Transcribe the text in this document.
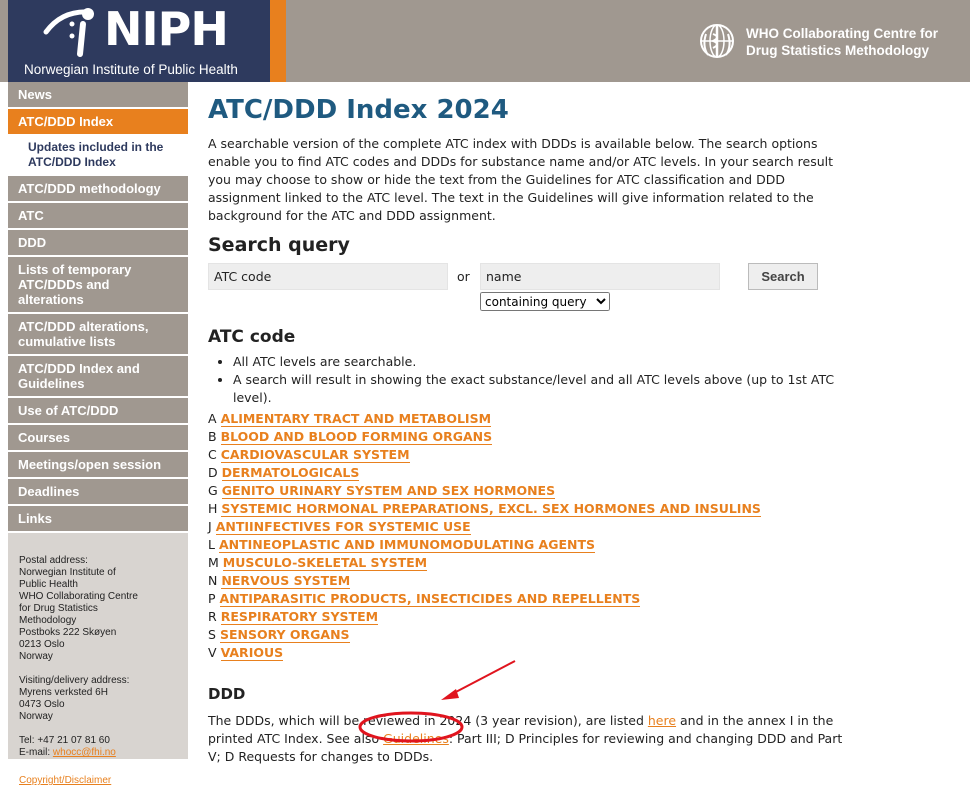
NIPH
Norwegian Institute of Public Health
WHO Collaborating Centre for
Drug Statistics Methodology
News
ATC/DDD Index
Updates included in the ATC/DDD Index
ATC/DDD methodology
ATC
DDD
Lists of temporary ATC/DDDs and alterations
ATC/DDD alterations, cumulative lists
ATC/DDD Index and Guidelines
Use of ATC/DDD
Courses
Meetings/open session
Deadlines
Links

Postal address:
Norwegian Institute of
Public Health
WHO Collaborating Centre
for Drug Statistics
Methodology
Postboks 222 Skøyen
0213 Oslo
Norway

Visiting/delivery address:
Myrens verksted 6H
0473 Oslo
Norway

Tel: +47 21 07 81 60
E-mail: whocc@fhi.no
Copyright/Disclaimer
ATC/DDD Index 2024

A searchable version of the complete ATC index with DDDs is available below. The search options enable you to find ATC codes and DDDs for substance name and/or ATC levels. In your search result you may choose to show or hide the text from the Guidelines for ATC classification and DDD assignment linked to the ATC level. The text in the Guidelines will give information related to the background for the ATC and DDD assignment.

Search query
ATC code
or
name
containing query	Search
ATC code
• All ATC levels are searchable.
• A search will result in showing the exact substance/level and all ATC levels above (up to 1st ATC level).
A ALIMENTARY TRACT AND METABOLISM
B BLOOD AND BLOOD FORMING ORGANS
C CARDIOVASCULAR SYSTEM
D DERMATOLOGICALS
G GENITO URINARY SYSTEM AND SEX HORMONES
H SYSTEMIC HORMONAL PREPARATIONS, EXCL. SEX HORMONES AND INSULINS
J ANTIINFECTIVES FOR SYSTEMIC USE
L ANTINEOPLASTIC AND IMMUNOMODULATING AGENTS
M MUSCULO-SKELETAL SYSTEM
N NERVOUS SYSTEM
P ANTIPARASITIC PRODUCTS, INSECTICIDES AND REPELLENTS
R RESPIRATORY SYSTEM
S SENSORY ORGANS
V VARIOUS
DDD

The DDDs, which will be reviewed in 2024 (3 year revision), are listed here and in the annex I in the printed ATC Index. See also Guidelines: Part III; D Principles for reviewing and changing DDD and Part V; D Requests for changes to DDDs.
